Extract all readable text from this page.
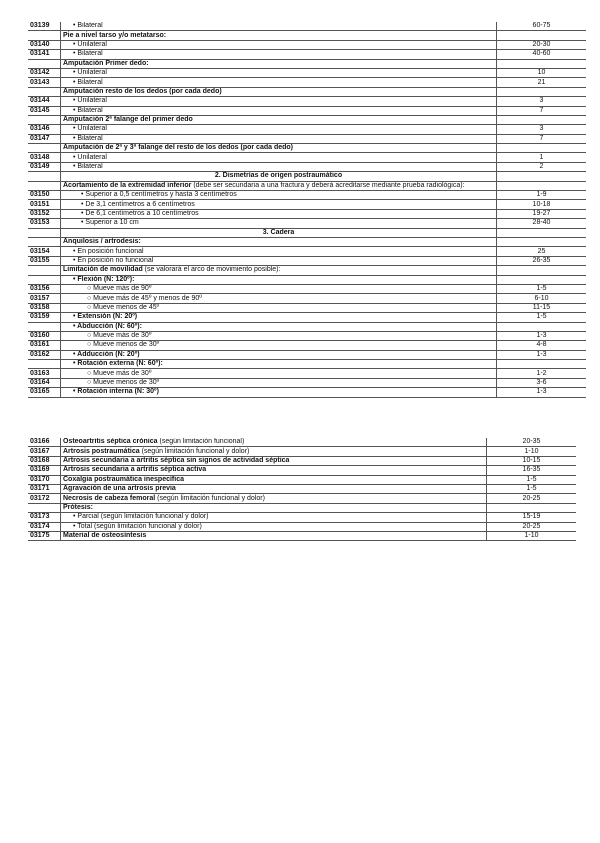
03139	• Bilateral	60-75
	Pie a nivel tarso y/o metatarso:	
03140	• Unilateral	20-30
03141	• Bilateral	40-60
	Amputación Primer dedo:	
03142	• Unilateral	10
03143	• Bilateral	21
	Amputación resto de los dedos (por cada dedo)	
03144	• Unilateral	3
03145	• Bilateral	7
	Amputación 2ª falange del primer dedo	
03146	• Unilateral	3
03147	• Bilateral	7
	Amputación de 2ª y 3ª falange del resto de los dedos (por cada dedo)	
03148	• Unilateral	1
03149	• Bilateral	2
	2. Dismetrías de origen postraumático	
	Acortamiento de la extremidad inferior (debe ser secundaria a una fractura y deberá acreditarse mediante prueba radiológica):	
03150	• Superior a 0,5 centímetros y hasta 3 centímetros	1-9
03151	• De 3,1 centímetros a 6 centímetros	10-18
03152	• De 6,1 centímetros a 10 centímetros	19-27
03153	• Superior a 10 cm	28-40
	3. Cadera	
	Anquilosis / artrodesis:	
03154	• En posición funcional	25
03155	• En posición no funcional	26-35
	Limitación de movilidad (se valorará el arco de movimiento posible):	
	• Flexión (N: 120º):	
03156	○ Mueve más de 90º	1-5
03157	○ Mueve más de 45º y menos de 90º	6-10
03158	○ Mueve menos de 45º	11-15
03159	• Extensión (N: 20º)	1-5
	• Abducción (N: 60º):	
03160	○ Mueve más de 30º	1-3
03161	○ Mueve menos de 30º	4-8
03162	• Adducción (N: 20º)	1-3
	• Rotación externa (N: 60º):	
03163	○ Mueve más de 30º	1-2
03164	○ Mueve menos de 30º	3-6
03165	• Rotación interna (N: 30º)	1-3
03166	Osteoartritis séptica crónica (según limitación funcional)	20-35
03167	Artrosis postraumática (según limitación funcional y dolor)	1-10
03168	Artrosis secundaria a artritis séptica sin signos de actividad séptica	10-15
03169	Artrosis secundaria a artritis séptica activa	16-35
03170	Coxalgia postraumática inespecífica	1-5
03171	Agravación de una artrosis previa	1-5
03172	Necrosis de cabeza femoral (según limitación funcional y dolor)	20-25
	Prótesis:	
03173	• Parcial (según limitación funcional y dolor)	15-19
03174	• Total (según limitación funcional y dolor)	20-25
03175	Material de osteosíntesis	1-10
